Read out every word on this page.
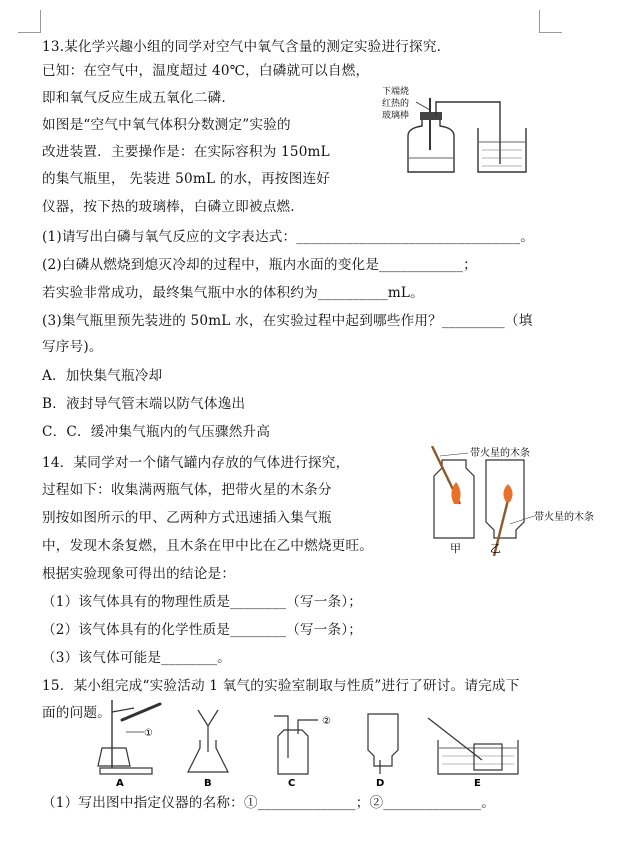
13.某化学兴趣小组的同学对空气中氧气含量的测定实验进行探究.
已知：在空气中，温度超过 40℃，白磷就可以自燃，
即和氧气反应生成五氧化二磷.
如图是“空气中氧气体积分数测定”实验的
改进装置．主要操作是：在实际容积为 150mL
的集气瓶里， 先装进 50mL 的水，再按图连好
仪器，按下热的玻璃棒，白磷立即被点燃.
(1)请写出白磷与氧气反应的文字表达式：________________________________。
(2)白磷从燃烧到熄灭冷却的过程中，瓶内水面的变化是____________；
若实验非常成功，最终集气瓶中水的体积约为__________mL。
(3)集气瓶里预先装进的 50mL 水，在实验过程中起到哪些作用？_________（填
写序号)。
A．加快集气瓶冷却
B．液封导气管末端以防气体逸出
C．C．缓冲集气瓶内的气压骤然升高
下端烧
红热的
玻璃棒
14．某同学对一个储气罐内存放的气体进行探究，
过程如下：收集满两瓶气体，把带火星的木条分
别按如图所示的甲、乙两种方式迅速插入集气瓶
中，发现木条复燃，且木条在甲中比在乙中燃烧更旺。
根据实验现象可得出的结论是：
（1）该气体具有的物理性质是________（写一条）；
（2）该气体具有的化学性质是________（写一条）；
（3）该气体可能是________。
带火星的木条
甲
带火星的木条
乙
15．某小组完成“实验活动 1 氧气的实验室制取与性质”进行了研讨。请完成下
面的问题。
①
A	B
②
C	D	E
（1）写出图中指定仪器的名称：①______________；②______________。
